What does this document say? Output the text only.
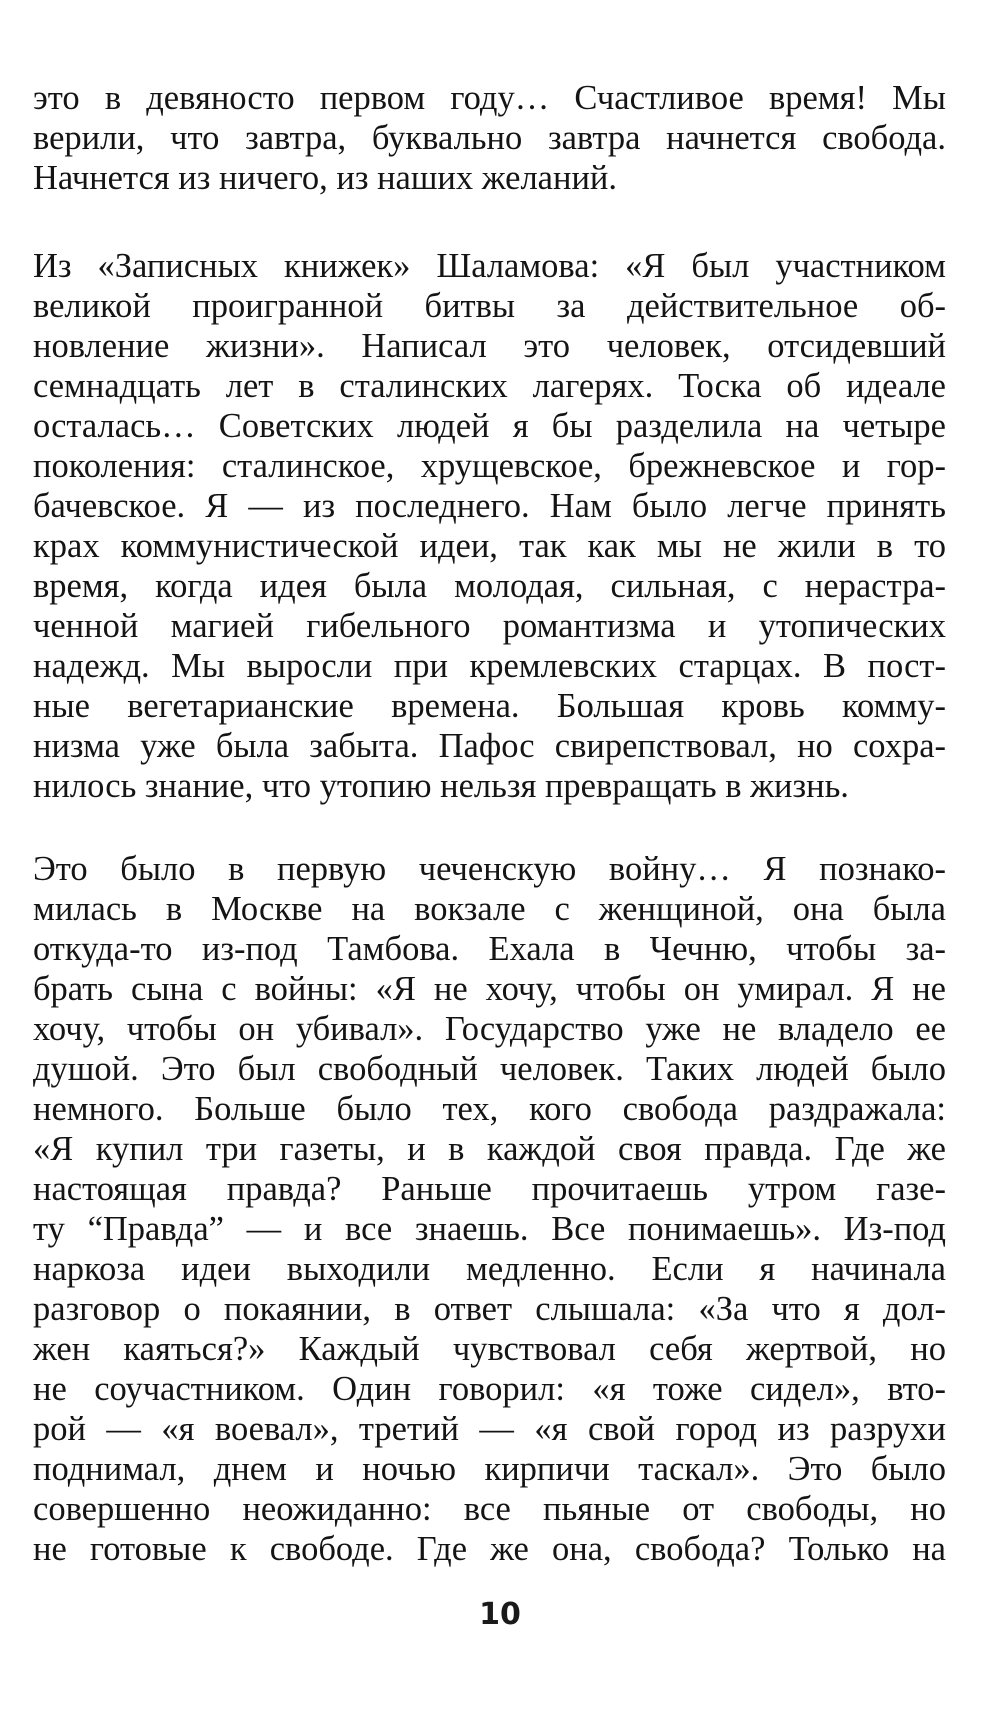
это в девяносто первом году… Счастливое время! Мы
верили, что завтра, буквально завтра начнется свобода.
Начнется из ничего, из наших желаний.
Из «Записных книжек» Шаламова: «Я был участником
великой проигранной битвы за действительное об-
новление жизни». Написал это человек, отсидевший
семнадцать лет в сталинских лагерях. Тоска об идеале
осталась… Советских людей я бы разделила на четыре
поколения: сталинское, хрущевское, брежневское и гор-
бачевское. Я — из последнего. Нам было легче принять
крах коммунистической идеи, так как мы не жили в то
время, когда идея была молодая, сильная, с нерастра-
ченной магией гибельного романтизма и утопических
надежд. Мы выросли при кремлевских старцах. В пост-
ные вегетарианские времена. Большая кровь комму-
низма уже была забыта. Пафос свирепствовал, но сохра-
нилось знание, что утопию нельзя превращать в жизнь.
Это было в первую чеченскую войну… Я познако-
милась в Москве на вокзале с женщиной, она была
откуда-то из-под Тамбова. Ехала в Чечню, чтобы за-
брать сына с войны: «Я не хочу, чтобы он умирал. Я не
хочу, чтобы он убивал». Государство уже не владело ее
душой. Это был свободный человек. Таких людей было
немного. Больше было тех, кого свобода раздражала:
«Я купил три газеты, и в каждой своя правда. Где же
настоящая правда? Раньше прочитаешь утром газе-
ту “Правда” — и все знаешь. Все понимаешь». Из-под
наркоза идеи выходили медленно. Если я начинала
разговор о покаянии, в ответ слышала: «За что я дол-
жен каяться?» Каждый чувствовал себя жертвой, но
не соучастником. Один говорил: «я тоже сидел», вто-
рой — «я воевал», третий — «я свой город из разрухи
поднимал, днем и ночью кирпичи таскал». Это было
совершенно неожиданно: все пьяные от свободы, но
не готовые к свободе. Где же она, свобода? Только на
10
